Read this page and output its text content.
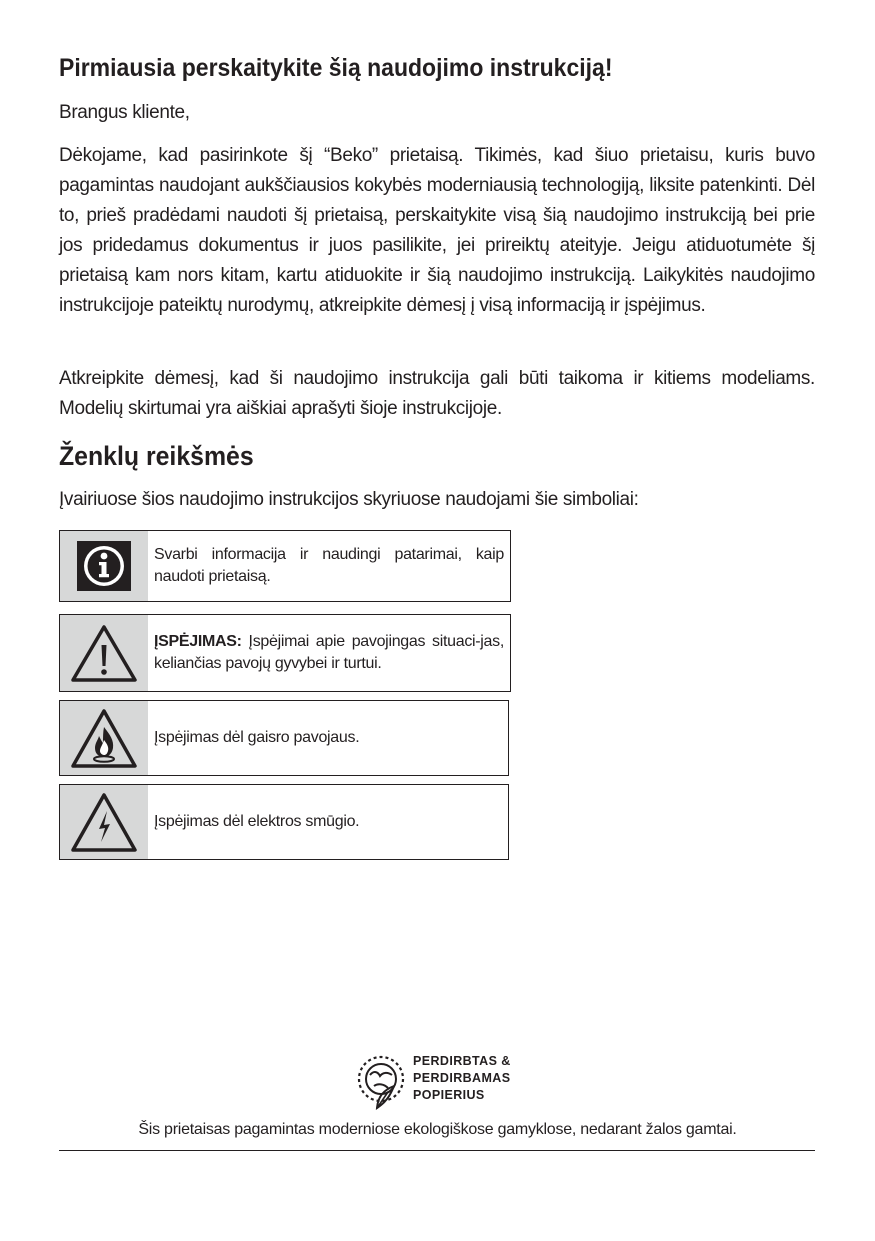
Pirmiausia perskaitykite šią naudojimo instrukciją!

Brangus kliente,

Dėkojame, kad pasirinkote šį “Beko” prietaisą. Tikimės, kad šiuo prietaisu, kuris buvo pagamintas naudojant aukščiausios kokybės moderniausią technologiją, liksite patenkinti. Dėl to, prieš pradėdami naudoti šį prietaisą, perskaitykite visą šią naudojimo instrukciją bei prie jos pridedamus dokumentus ir juos pasilikite, jei prireiktų ateityje. Jeigu atiduotumėte šį prietaisą kam nors kitam, kartu atiduokite ir šią naudojimo instrukciją. Laikykitės naudojimo instrukcijoje pateiktų nurodymų, atkreipkite dėmesį į visą informaciją ir įspėjimus.

Atkreipkite dėmesį, kad ši naudojimo instrukcija gali būti taikoma ir kitiems modeliams. Modelių skirtumai yra aiškiai aprašyti šioje instrukcijoje.

Ženklų reikšmės

Įvairiuose šios naudojimo instrukcijos skyriuose naudojami šie simboliai:

Svarbi informacija ir naudingi patarimai, kaip naudoti prietaisą.
ĮSPĖJIMAS: Įspėjimai apie pavojingas situaci-jas, keliančias pavojų gyvybei ir turtui.
Įspėjimas dėl gaisro pavojaus.
Įspėjimas dėl elektros smūgio.
PERDIRBTAS &
PERDIRBAMAS
POPIERIUS
Šis prietaisas pagamintas moderniose ekologiškose gamyklose, nedarant žalos gamtai.
